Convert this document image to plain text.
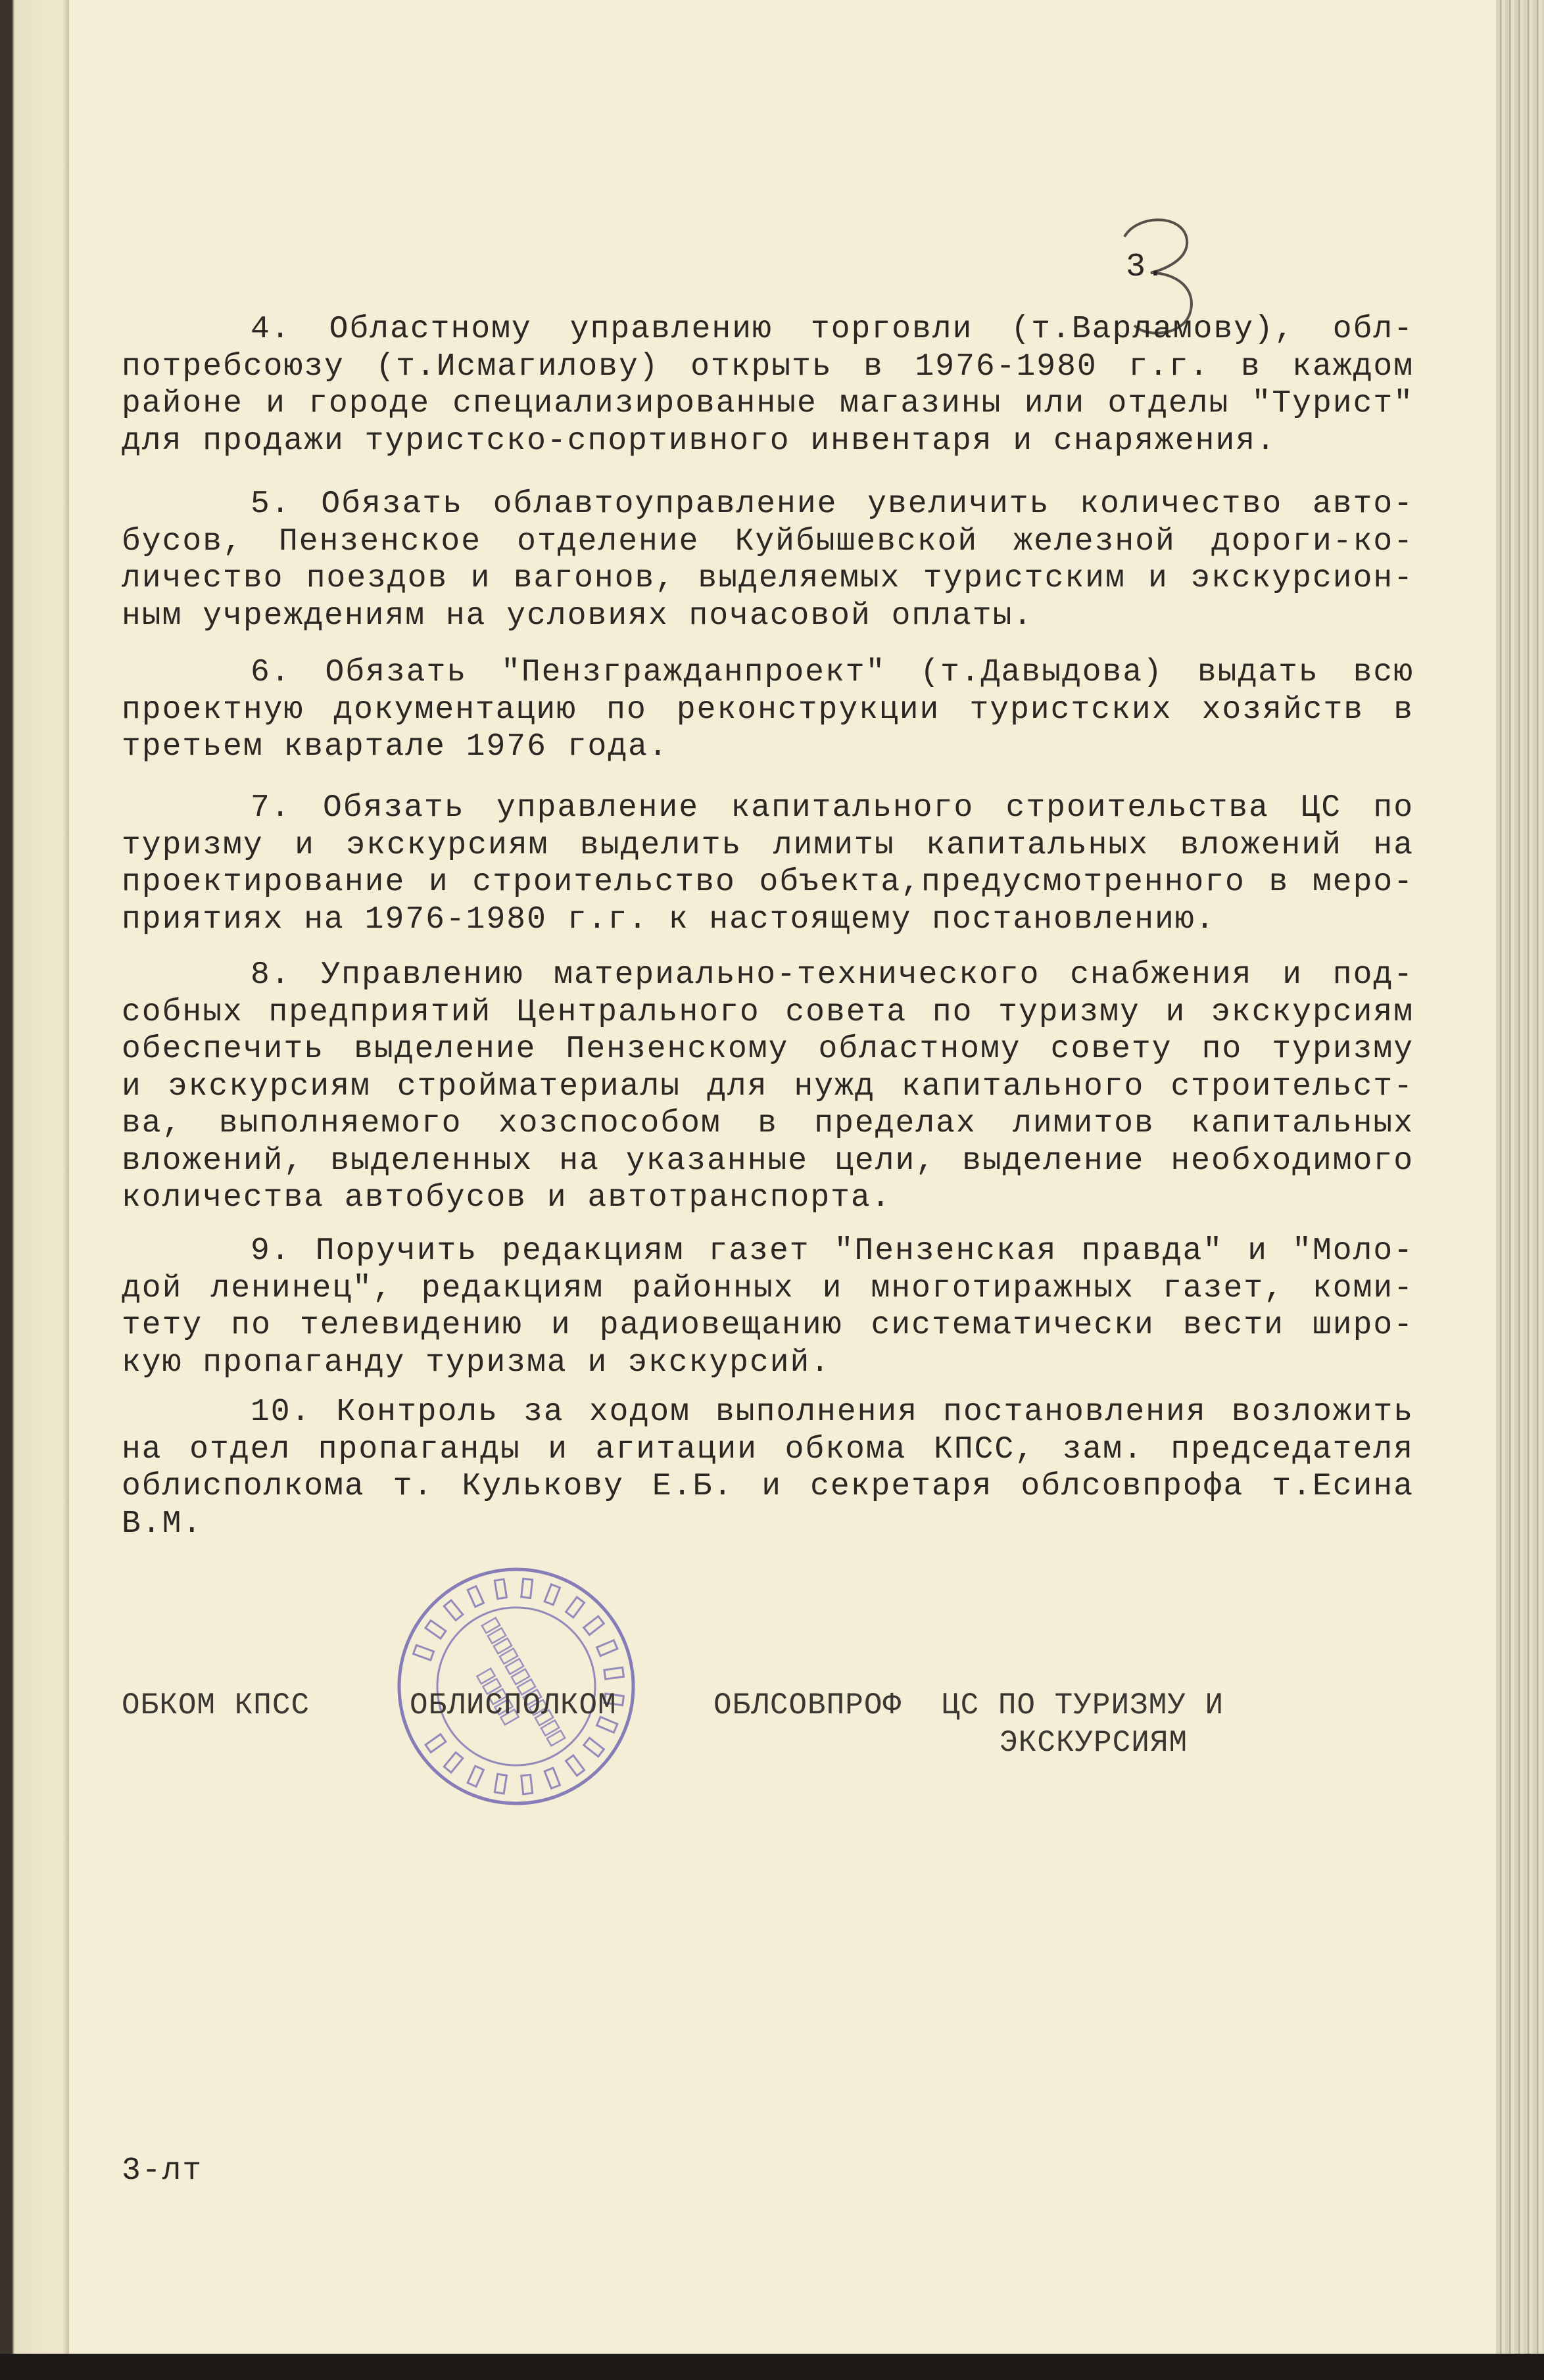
3.
4. Областному управлению торговли (т.Варламову), обл-
потребсоюзу (т.Исмагилову) открыть в 1976-1980 г.г. в каждом
районе и городе специализированные магазины или отделы "Турист"
для продажи туристско-спортивного инвентаря и снаряжения.
5. Обязать облавтоуправление увеличить количество авто-
бусов, Пензенское отделение Куйбышевской железной дороги-ко-
личество поездов и вагонов, выделяемых туристским и экскурсион-
ным учреждениям на условиях почасовой оплаты.
6. Обязать "Пензгражданпроект" (т.Давыдова) выдать всю
проектную документацию по реконструкции туристских хозяйств в
третьем квартале 1976 года.
7. Обязать управление капитального строительства ЦС по
туризму и экскурсиям выделить лимиты капитальных вложений на
проектирование и строительство объекта,предусмотренного в меро-
приятиях на 1976-1980 г.г. к настоящему постановлению.
8. Управлению материально-технического снабжения и под-
собных предприятий Центрального совета по туризму и экскурсиям
обеспечить выделение Пензенскому областному совету по туризму
и экскурсиям стройматериалы для нужд капитального строительст-
ва, выполняемого хозспособом в пределах лимитов капитальных
вложений, выделенных на указанные цели, выделение необходимого
количества автобусов и автотранспорта.
9. Поручить редакциям газет "Пензенская правда" и "Моло-
дой ленинец", редакциям районных и многотиражных газет, коми-
тету по телевидению и радиовещанию систематически вести широ-
кую пропаганду туризма и экскурсий.
10. Контроль за ходом выполнения постановления возложить
на отдел пропаганды и агитации обкома КПСС, зам. председателя
облисполкома т. Кулькову Е.Б. и секретаря облсовпрофа т.Есина
В.М.
ОБКОМ КПСС	ОБЛИСПОЛКОМ	ОБЛСОВПРОФ ЦС ПО ТУРИЗМУ И
ЭКСКУРСИЯМ
3-лт
